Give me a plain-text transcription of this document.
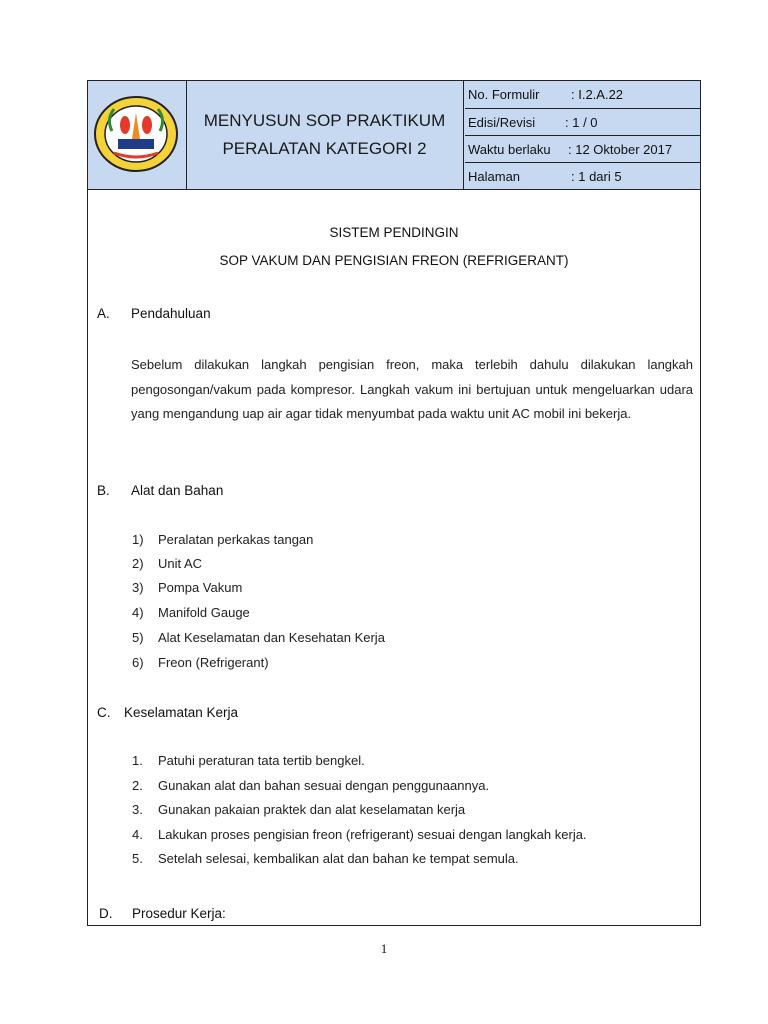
MENYUSUN SOP PRAKTIKUM
PERALATAN KATEGORI 2
No. Formulir : I.2.A.22
Edisi/Revisi : 1 / 0
Waktu berlaku : 12 Oktober 2017
Halaman	: 1 dari 5
SISTEM PENDINGIN
SOP VAKUM DAN PENGISIAN FREON (REFRIGERANT)
A. Pendahuluan
Sebelum dilakukan langkah pengisian freon, maka terlebih dahulu dilakukan langkah pengosongan/vakum pada kompresor. Langkah vakum ini bertujuan untuk mengeluarkan udara yang mengandung uap air agar tidak menyumbat pada waktu unit AC mobil ini bekerja.
B. Alat dan Bahan
1) Peralatan perkakas tangan
2) Unit AC
3) Pompa Vakum
4) Manifold Gauge
5) Alat Keselamatan dan Kesehatan Kerja
6) Freon (Refrigerant)
C. Keselamatan Kerja
1. Patuhi peraturan tata tertib bengkel.
2. Gunakan alat dan bahan sesuai dengan penggunaannya.
3. Gunakan pakaian praktek dan alat keselamatan kerja
4. Lakukan proses pengisian freon (refrigerant) sesuai dengan langkah kerja.
5. Setelah selesai, kembalikan alat dan bahan ke tempat semula.
D. Prosedur Kerja:
1
